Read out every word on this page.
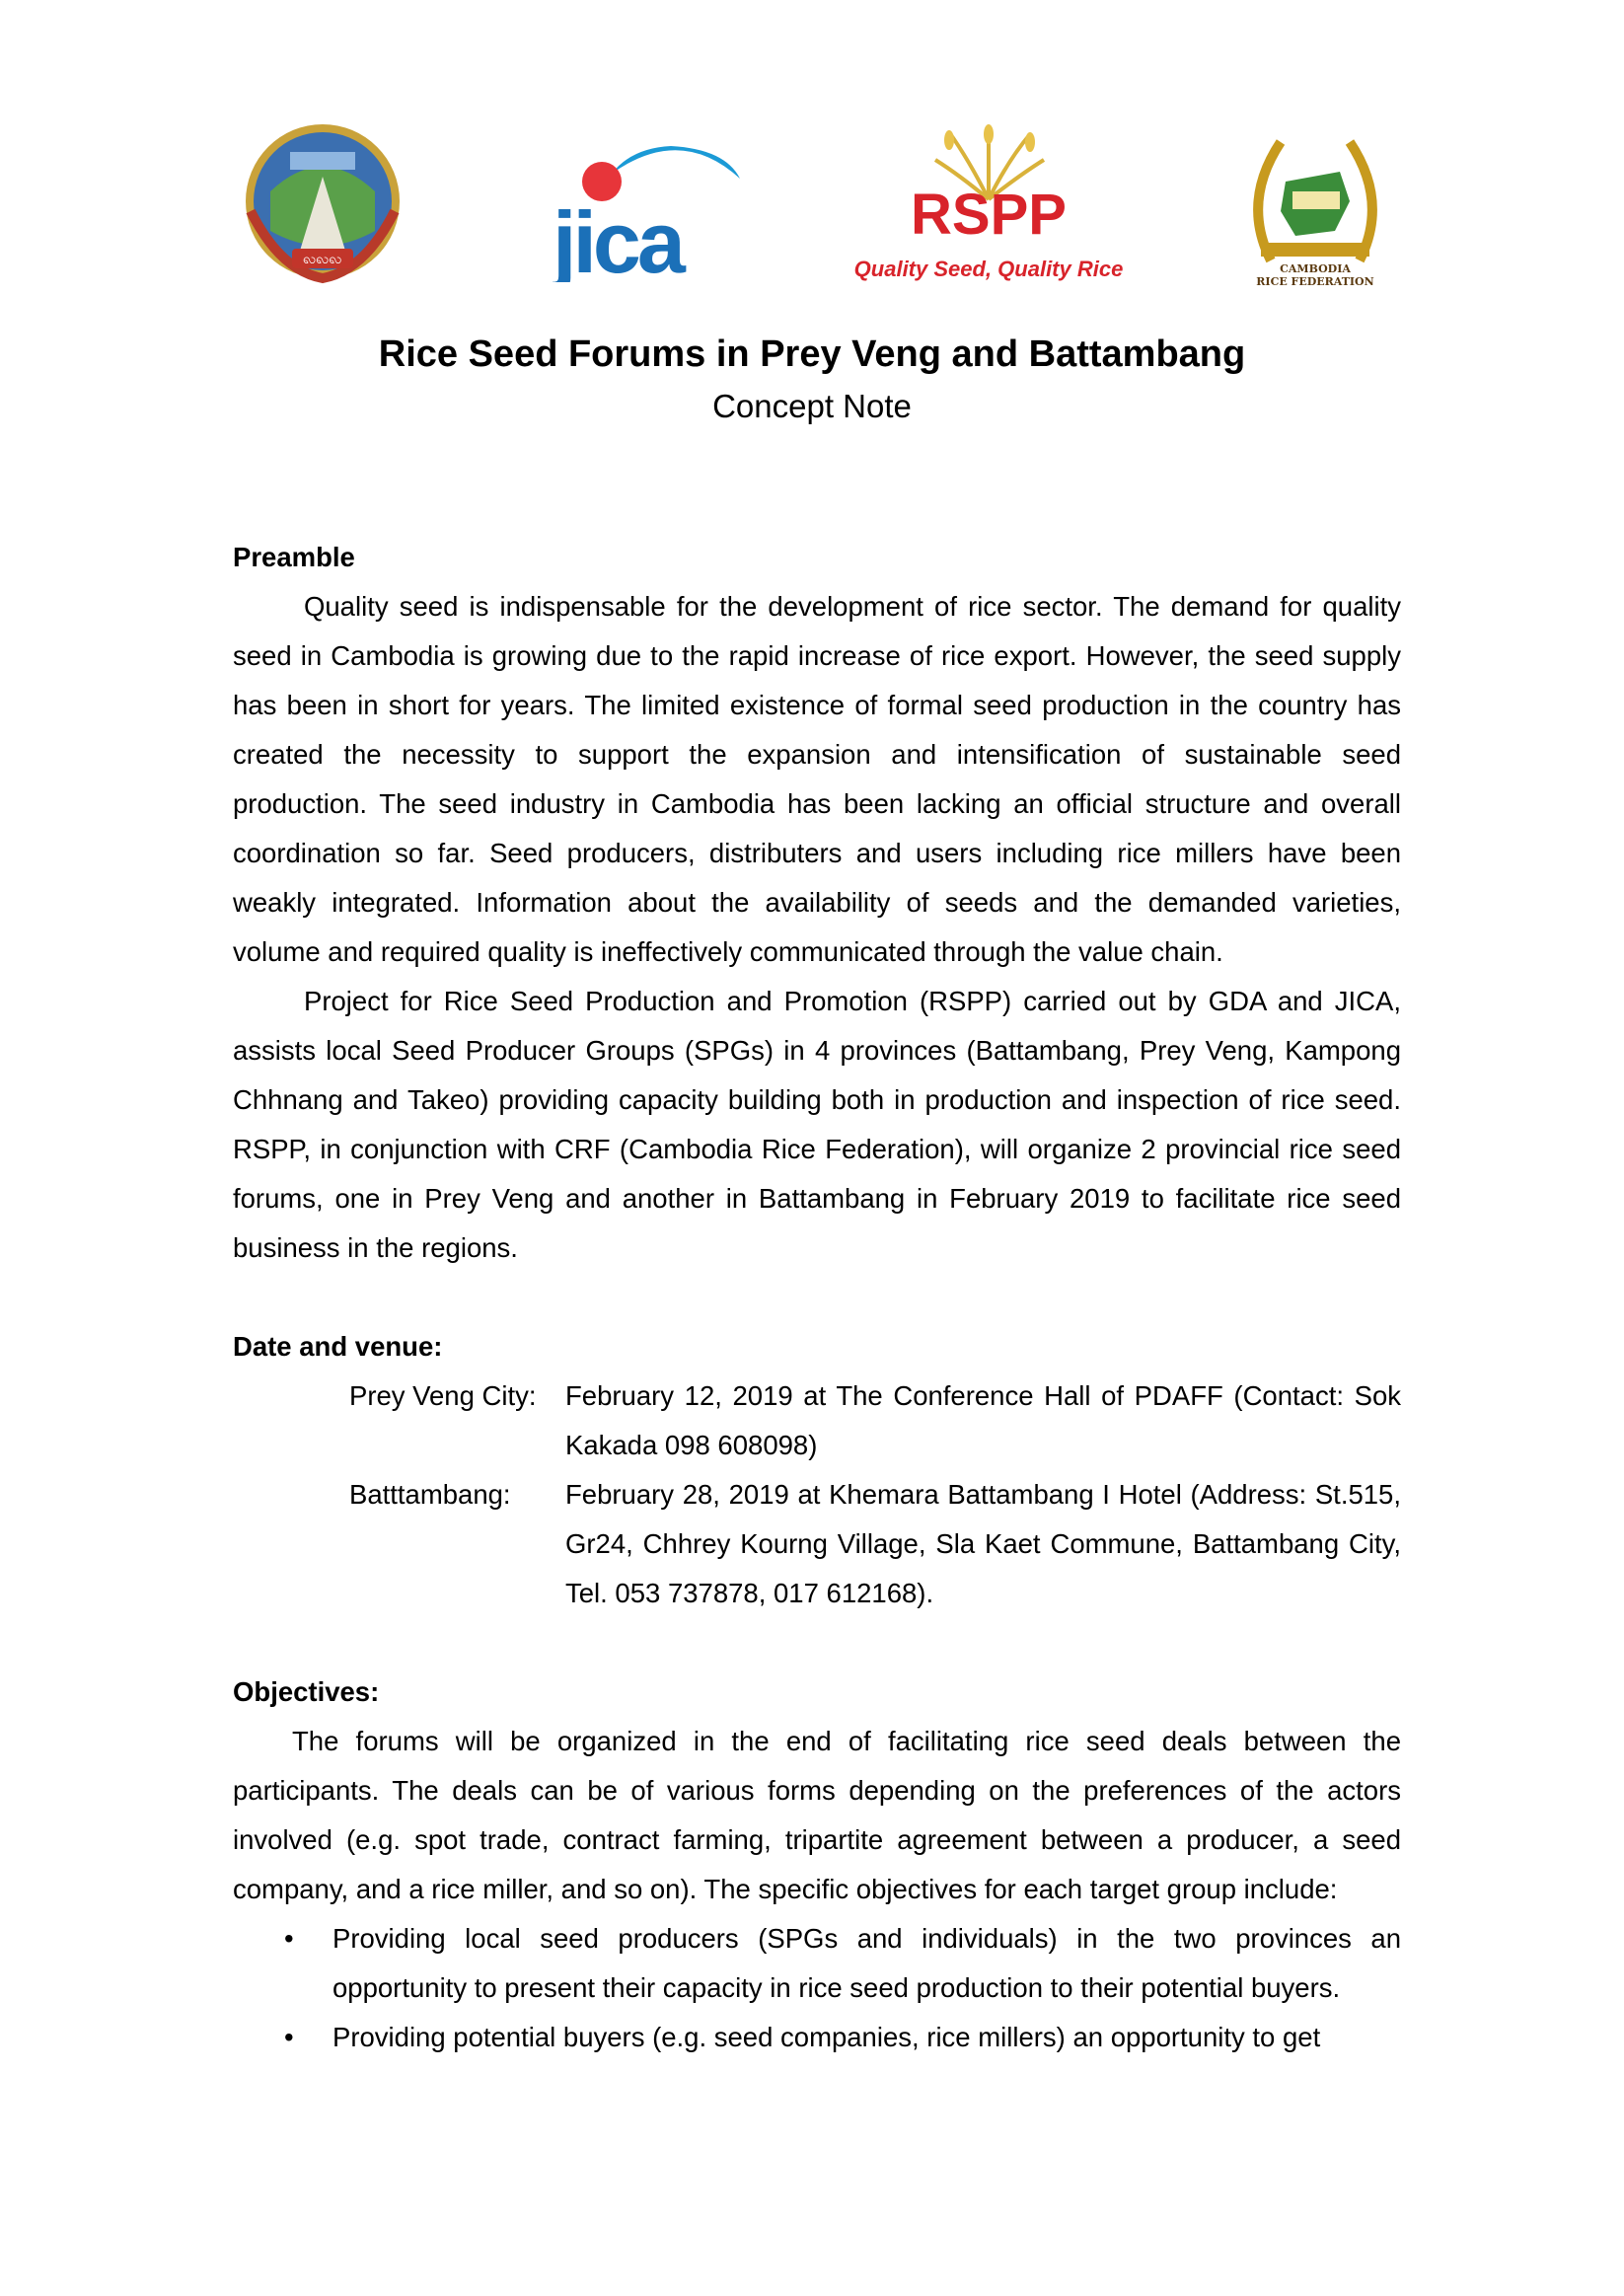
ꩮꩮꩮ jica	RSPP
Quality Seed, Quality Rice	CAMBODIA
RICE FEDERATION
Rice Seed Forums in Prey Veng and Battambang
Concept Note
Preamble

Quality seed is indispensable for the development of rice sector. The demand for quality seed in Cambodia is growing due to the rapid increase of rice export. However, the seed supply has been in short for years. The limited existence of formal seed production in the country has created the necessity to support the expansion and intensification of sustainable seed production. The seed industry in Cambodia has been lacking an official structure and overall coordination so far. Seed producers, distributers and users including rice millers have been weakly integrated. Information about the availability of seeds and the demanded varieties, volume and required quality is ineffectively communicated through the value chain.

Project for Rice Seed Production and Promotion (RSPP) carried out by GDA and JICA, assists local Seed Producer Groups (SPGs) in 4 provinces (Battambang, Prey Veng, Kampong Chhnang and Takeo) providing capacity building both in production and inspection of rice seed. RSPP, in conjunction with CRF (Cambodia Rice Federation), will organize 2 provincial rice seed forums, one in Prey Veng and another in Battambang in February 2019 to facilitate rice seed business in the regions.

Date and venue:
Prey Veng City: February 12, 2019 at The Conference Hall of PDAFF (Contact: Sok Kakada 098 608098)
Batttambang: February 28, 2019 at Khemara Battambang I Hotel (Address: St.515, Gr24, Chhrey Kourng Village, Sla Kaet Commune, Battambang City, Tel. 053 737878, 017 612168).
Objectives:

The forums will be organized in the end of facilitating rice seed deals between the participants. The deals can be of various forms depending on the preferences of the actors involved (e.g. spot trade, contract farming, tripartite agreement between a producer, a seed company, and a rice miller, and so on). The specific objectives for each target group include:

• Providing local seed producers (SPGs and individuals) in the two provinces an opportunity to present their capacity in rice seed production to their potential buyers.
• Providing potential buyers (e.g. seed companies, rice millers) an opportunity to get
